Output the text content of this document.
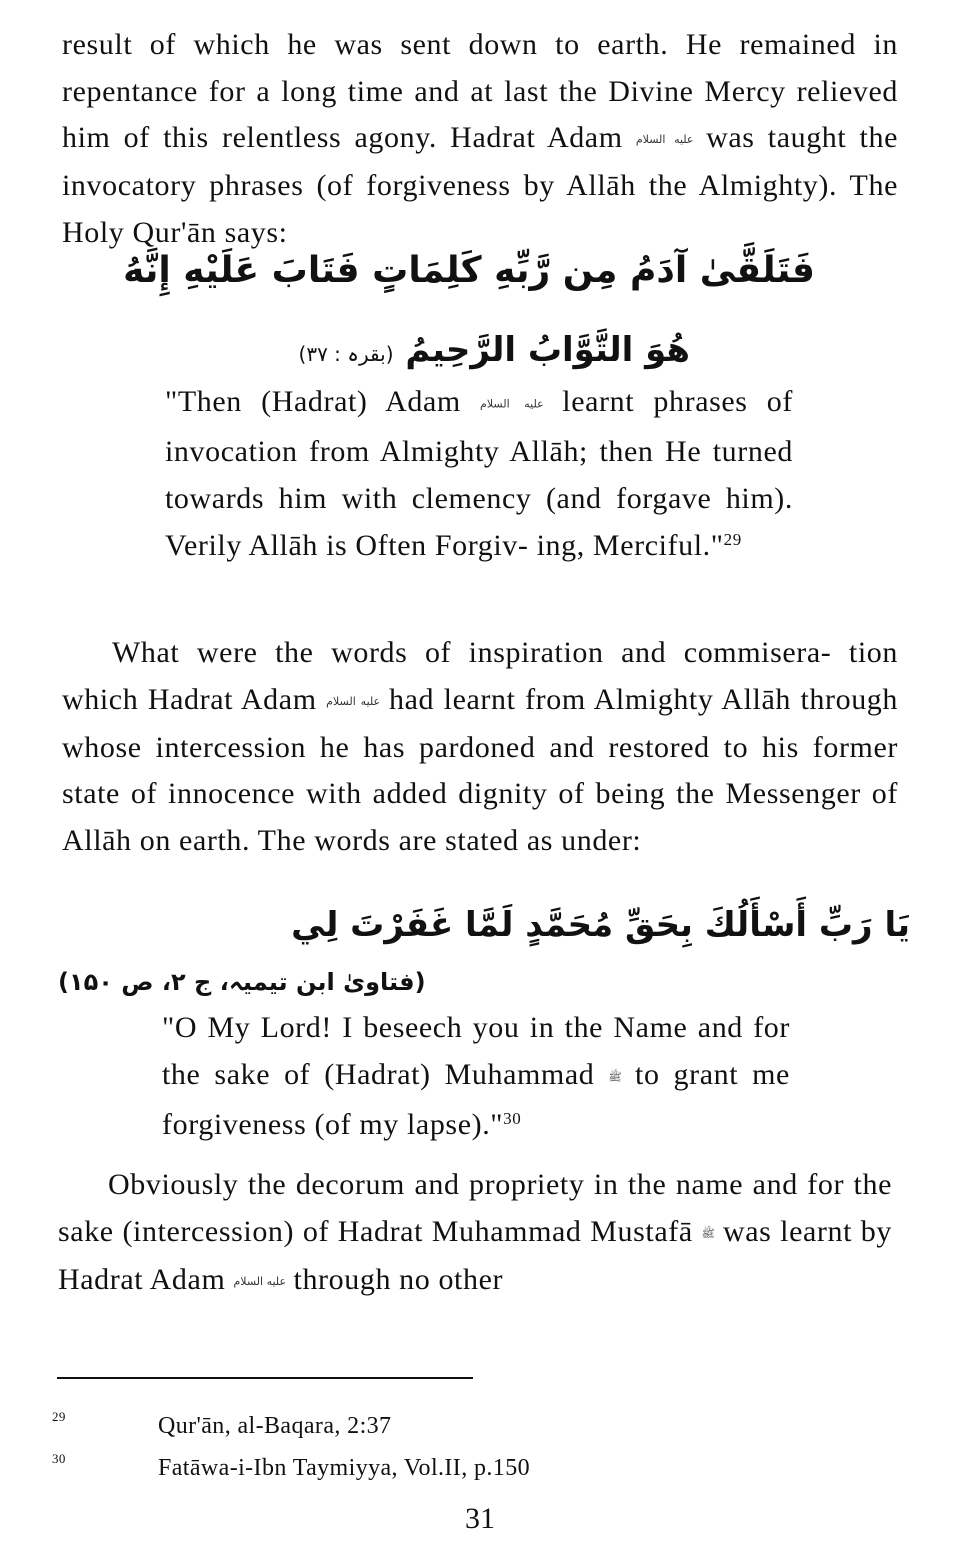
result of which he was sent down to earth. He remained in repentance for a long time and at last the Divine Mercy relieved him of this relentless agony. Hadrat Adam عليه السلام was taught the invocatory phrases (of forgiveness by Allāh the Almighty). The Holy Qur'ān says:

فَتَلَقَّىٰ آدَمُ مِن رَّبِّهِ كَلِمَاتٍ فَتَابَ عَلَيْهِ إِنَّهُ
هُوَ التَّوَّابُ الرَّحِيمُ (بقرہ : ۳۷)

"Then (Hadrat) Adam عليه السلام learnt phrases of invocation from Almighty Allāh; then He turned towards him with clemency (and forgave him). Verily Allāh is Often Forgiv- ing, Merciful."$^{29}$

What were the words of inspiration and commisera- tion which Hadrat Adam عليه السلام had learnt from Almighty Allāh through whose intercession he has pardoned and restored to his former state of innocence with added dignity of being the Messenger of Allāh on earth. The words are stated as under:

يَا رَبِّ أَسْأَلُكَ بِحَقِّ مُحَمَّدٍ لَمَّا غَفَرْتَ لِي
(فتاویٰ ابن تیمیہ، ج ۲، ص ۱۵۰)

"O My Lord! I beseech you in the Name and for the sake of (Hadrat) Muhammad ﷺ to grant me forgiveness (of my lapse)."$^{30}$

Obviously the decorum and propriety in the name and for the sake (intercession) of Hadrat Muhammad Mustafā ﷺ was learnt by Hadrat Adam عليه السلام through no other

29	Qur'ān, al-Baqara, 2:37
30	Fatāwa-i-Ibn Taymiyya, Vol.II, p.150
31
